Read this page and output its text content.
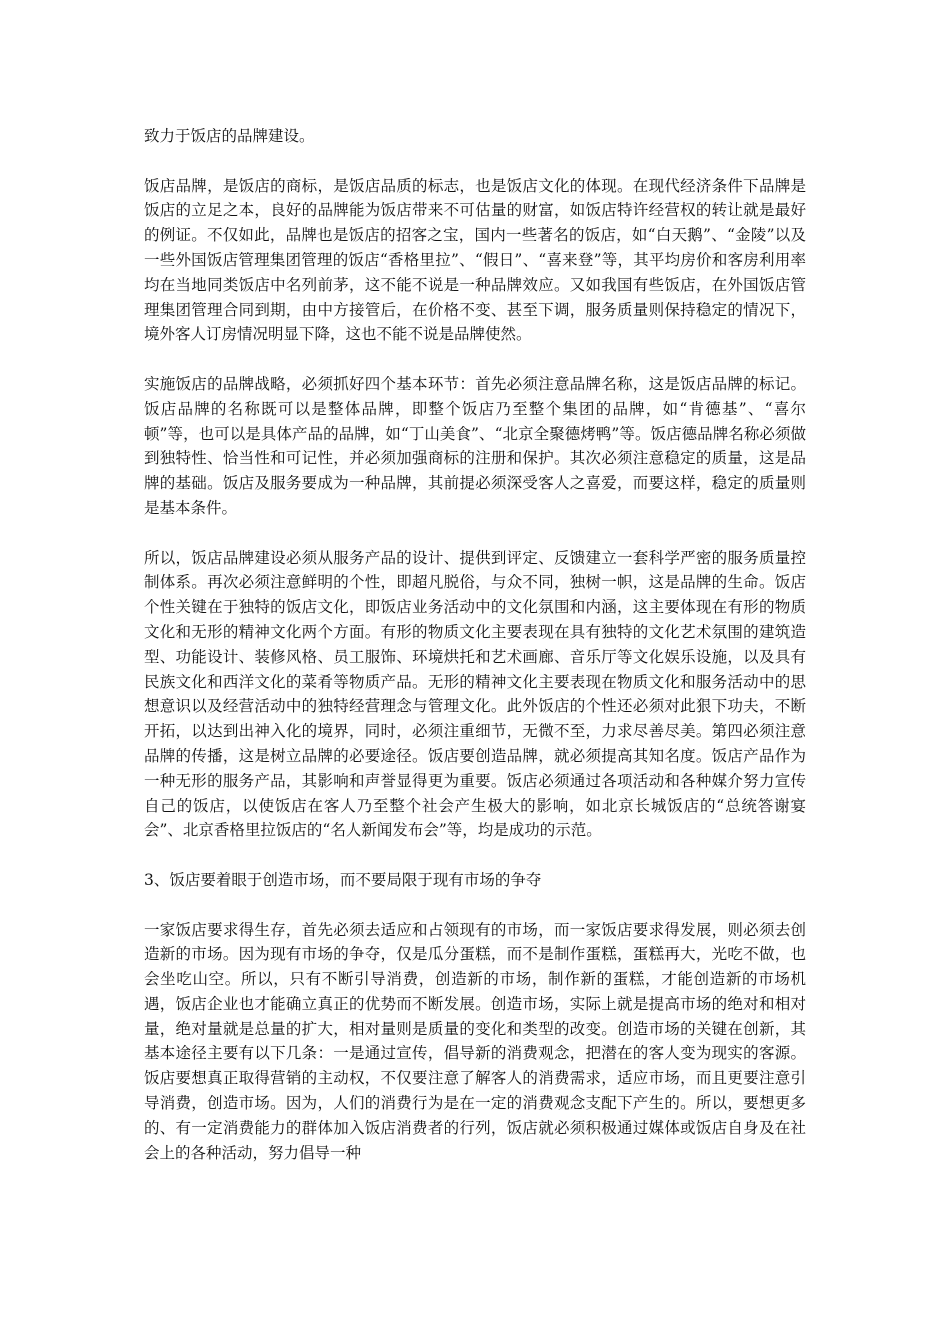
致力于饭店的品牌建设。

饭店品牌，是饭店的商标，是饭店品质的标志，也是饭店文化的体现。在现代经济条件下品牌是饭店的立足之本，良好的品牌能为饭店带来不可估量的财富，如饭店特许经营权的转让就是最好的例证。不仅如此，品牌也是饭店的招客之宝，国内一些著名的饭店，如“白天鹅”、“金陵”以及一些外国饭店管理集团管理的饭店“香格里拉”、“假日”、“喜来登”等，其平均房价和客房利用率均在当地同类饭店中名列前茅，这不能不说是一种品牌效应。又如我国有些饭店，在外国饭店管理集团管理合同到期，由中方接管后，在价格不变、甚至下调，服务质量则保持稳定的情况下，境外客人订房情况明显下降，这也不能不说是品牌使然。

实施饭店的品牌战略，必须抓好四个基本环节：首先必须注意品牌名称，这是饭店品牌的标记。饭店品牌的名称既可以是整体品牌，即整个饭店乃至整个集团的品牌，如“肯德基”、“喜尔顿”等，也可以是具体产品的品牌，如“丁山美食”、“北京全聚德烤鸭”等。饭店德品牌名称必须做到独特性、恰当性和可记性，并必须加强商标的注册和保护。其次必须注意稳定的质量，这是品牌的基础。饭店及服务要成为一种品牌，其前提必须深受客人之喜爱，而要这样，稳定的质量则是基本条件。

所以，饭店品牌建设必须从服务产品的设计、提供到评定、反馈建立一套科学严密的服务质量控制体系。再次必须注意鲜明的个性，即超凡脱俗，与众不同，独树一帜，这是品牌的生命。饭店个性关键在于独特的饭店文化，即饭店业务活动中的文化氛围和内涵，这主要体现在有形的物质文化和无形的精神文化两个方面。有形的物质文化主要表现在具有独特的文化艺术氛围的建筑造型、功能设计、装修风格、员工服饰、环境烘托和艺术画廊、音乐厅等文化娱乐设施，以及具有民族文化和西洋文化的菜肴等物质产品。无形的精神文化主要表现在物质文化和服务活动中的思想意识以及经营活动中的独特经营理念与管理文化。此外饭店的个性还必须对此狠下功夫，不断开拓，以达到出神入化的境界，同时，必须注重细节，无微不至，力求尽善尽美。第四必须注意品牌的传播，这是树立品牌的必要途径。饭店要创造品牌，就必须提高其知名度。饭店产品作为一种无形的服务产品，其影响和声誉显得更为重要。饭店必须通过各项活动和各种媒介努力宣传自己的饭店，以使饭店在客人乃至整个社会产生极大的影响，如北京长城饭店的“总统答谢宴会”、北京香格里拉饭店的“名人新闻发布会”等，均是成功的示范。

3、饭店要着眼于创造市场，而不要局限于现有市场的争夺

一家饭店要求得生存，首先必须去适应和占领现有的市场，而一家饭店要求得发展，则必须去创造新的市场。因为现有市场的争夺，仅是瓜分蛋糕，而不是制作蛋糕，蛋糕再大，光吃不做，也会坐吃山空。所以，只有不断引导消费，创造新的市场，制作新的蛋糕，才能创造新的市场机遇，饭店企业也才能确立真正的优势而不断发展。创造市场，实际上就是提高市场的绝对和相对量，绝对量就是总量的扩大，相对量则是质量的变化和类型的改变。创造市场的关键在创新，其基本途径主要有以下几条：一是通过宣传，倡导新的消费观念，把潜在的客人变为现实的客源。饭店要想真正取得营销的主动权，不仅要注意了解客人的消费需求，适应市场，而且更要注意引导消费，创造市场。因为，人们的消费行为是在一定的消费观念支配下产生的。所以，要想更多的、有一定消费能力的群体加入饭店消费者的行列，饭店就必须积极通过媒体或饭店自身及在社会上的各种活动，努力倡导一种
